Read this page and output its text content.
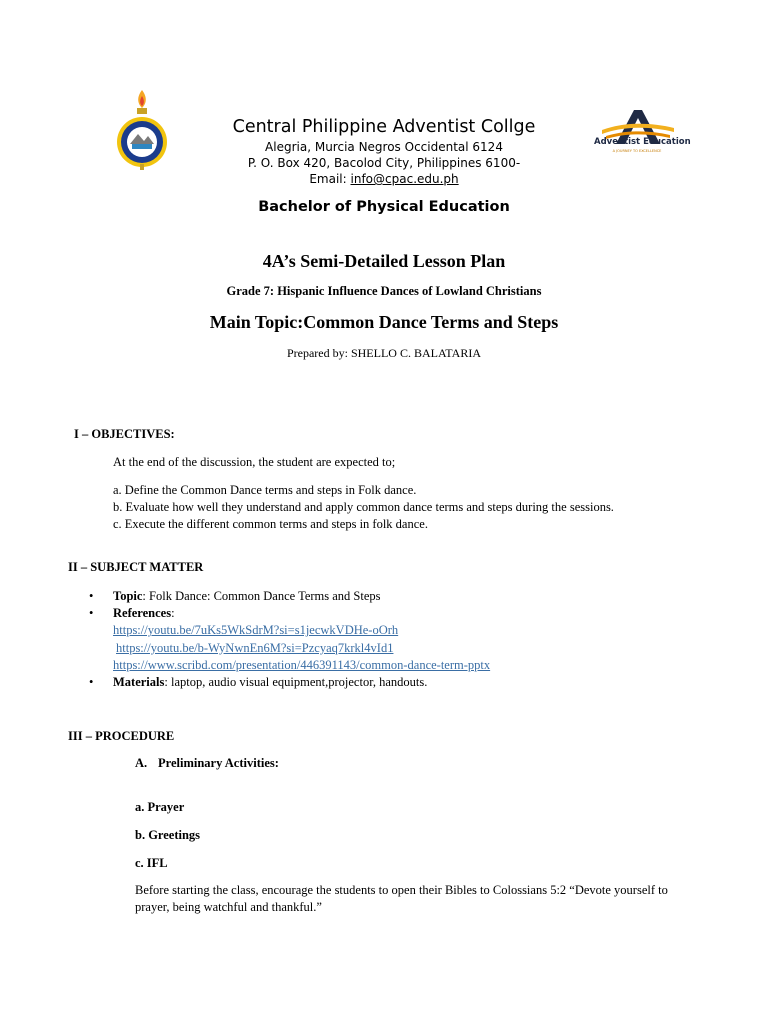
Adventist Education
A JOURNEY TO EXCELLENCE
Central Philippine Adventist Collge
Alegria, Murcia Negros Occidental 6124
P. O. Box 420, Bacolod City, Philippines 6100-
Email: info@cpac.edu.ph
Bachelor of Physical Education
4A’s Semi-Detailed Lesson Plan
Grade 7: Hispanic Influence Dances of Lowland Christians
Main Topic:Common Dance Terms and Steps
Prepared by: SHELLO C. BALATARIA
I – OBJECTIVES:
At the end of the discussion, the student are expected to;
a. Define the Common Dance terms and steps in Folk dance.
b. Evaluate how well they understand and apply common dance terms and steps during the sessions.
c. Execute the different common terms and steps in folk dance.
II – SUBJECT MATTER
• Topic: Folk Dance: Common Dance Terms and Steps
• References:
https://youtu.be/7uKs5WkSdrM?si=s1jecwkVDHe-oOrh
https://youtu.be/b-WyNwnEn6M?si=Pzcyaq7krkl4vId1
https://www.scribd.com/presentation/446391143/common-dance-term-pptx
• Materials: laptop, audio visual equipment,projector, handouts.
III – PROCEDURE
A. Preliminary Activities:
a. Prayer
b. Greetings
c. IFL
Before starting the class, encourage the students to open their Bibles to Colossians 5:2 “Devote yourself to prayer, being watchful and thankful.”
